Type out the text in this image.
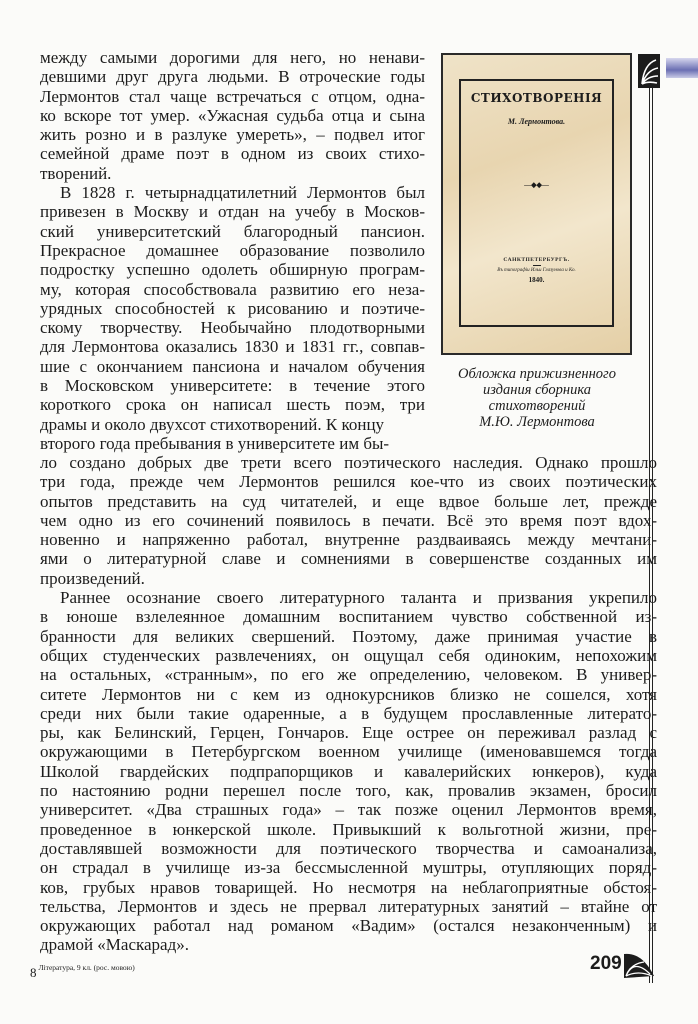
между самыми дорогими для него, но ненави-
девшими друг друга людьми. В отроческие годы
Лермонтов стал чаще встречаться с отцом, одна-
ко вскоре тот умер. «Ужасная судьба отца и сына
жить розно и в разлуке умереть», – подвел итог
семейной драме поэт в одном из своих стихо-
творений.
В 1828 г. четырнадцатилетний Лермонтов был
привезен в Москву и отдан на учебу в Москов-
ский университетский благородный пансион.
Прекрасное домашнее образование позволило
подростку успешно одолеть обширную програм-
му, которая способствовала развитию его неза-
урядных способностей к рисованию и поэтиче-
скому творчеству. Необычайно плодотворными
для Лермонтова оказались 1830 и 1831 гг., совпав-
шие с окончанием пансиона и началом обучения
в Московском университете: в течение этого
короткого срока он написал шесть поэм, три
драмы и около двухсот стихотворений. К концу
второго года пребывания в университете им бы-
ло создано добрых две трети всего поэтического наследия. Однако прошло
три года, прежде чем Лермонтов решился кое-что из своих поэтических
опытов представить на суд читателей, и еще вдвое больше лет, прежде
чем одно из его сочинений появилось в печати. Всё это время поэт вдох-
новенно и напряженно работал, внутренне раздваиваясь между мечтани-
ями о литературной славе и сомнениями в совершенстве созданных им
произведений.
Раннее осознание своего литературного таланта и призвания укрепило
в юноше взлелеянное домашним воспитанием чувство собственной из-
бранности для великих свершений. Поэтому, даже принимая участие в
общих студенческих развлечениях, он ощущал себя одиноким, непохожим
на остальных, «странным», по его же определению, человеком. В универ-
ситете Лермонтов ни с кем из однокурсников близко не сошелся, хотя
среди них были такие одаренные, а в будущем прославленные литерато-
ры, как Белинский, Герцен, Гончаров. Еще острее он переживал разлад с
окружающими в Петербургском военном училище (именовавшемся тогда
Школой гвардейских подпрапорщиков и кавалерийских юнкеров), куда
по настоянию родни перешел после того, как, провалив экзамен, бросил
университет. «Два страшных года» – так позже оценил Лермонтов время,
проведенное в юнкерской школе. Привыкший к вольготной жизни, пре-
доставлявшей возможности для поэтического творчества и самоанализа,
он страдал в училище из-за бессмысленной муштры, отупляющих поряд-
ков, грубых нравов товарищей. Но несмотря на неблагоприятные обстоя-
тельства, Лермонтов и здесь не прервал литературных занятий – втайне от
окружающих работал над романом «Вадим» (остался незаконченным) и
драмой «Маскарад».
СТИХОТВОРЕНІЯ
М. Лермонтова.
—◆◆—
САНКТПЕТЕРБУРГЪ.
Въ типографіи Ильи Глазунова и Ко.
1840.
Обложка прижизненного
издания сборника
стихотворений
М.Ю. Лермонтова
8 $^{Література, 9 кл. (рос. мовою)}$	209
